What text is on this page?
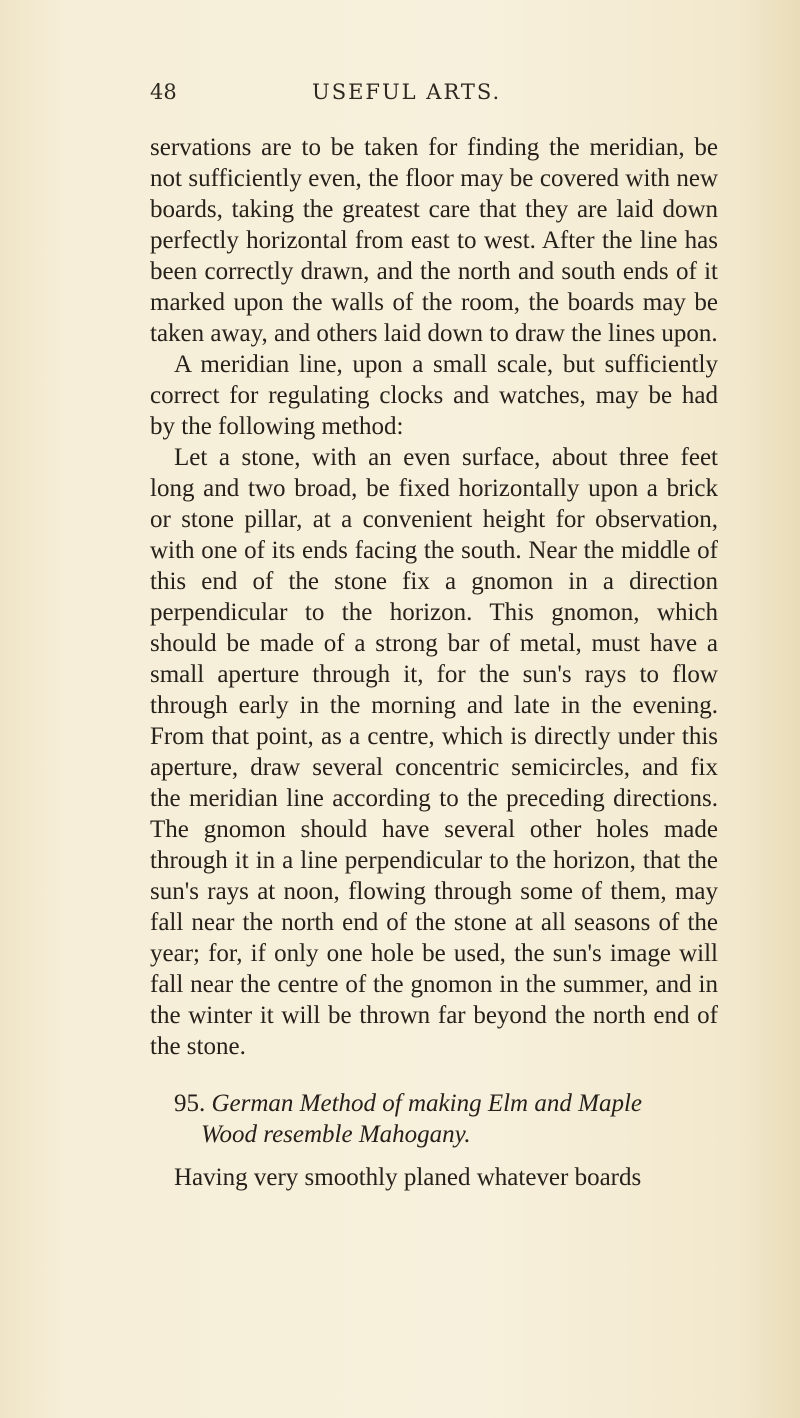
48	USEFUL ARTS.

servations are to be taken for finding the meridian, be not sufficiently even, the floor may be covered with new boards, taking the greatest care that they are laid down perfectly horizontal from east to west. After the line has been correctly drawn, and the north and south ends of it marked upon the walls of the room, the boards may be taken away, and others laid down to draw the lines upon.

A meridian line, upon a small scale, but sufficiently correct for regulating clocks and watches, may be had by the following method:

Let a stone, with an even surface, about three feet long and two broad, be fixed horizontally upon a brick or stone pillar, at a convenient height for observation, with one of its ends facing the south. Near the middle of this end of the stone fix a gnomon in a direction perpendicular to the horizon. This gnomon, which should be made of a strong bar of metal, must have a small aperture through it, for the sun's rays to flow through early in the morning and late in the evening. From that point, as a centre, which is directly under this aperture, draw several concentric semicircles, and fix the meridian line according to the preceding directions. The gnomon should have several other holes made through it in a line perpendicular to the horizon, that the sun's rays at noon, flowing through some of them, may fall near the north end of the stone at all seasons of the year; for, if only one hole be used, the sun's image will fall near the centre of the gnomon in the summer, and in the winter it will be thrown far beyond the north end of the stone.

95. German Method of making Elm and Maple
Wood resemble Mahogany.

Having very smoothly planed whatever boards
